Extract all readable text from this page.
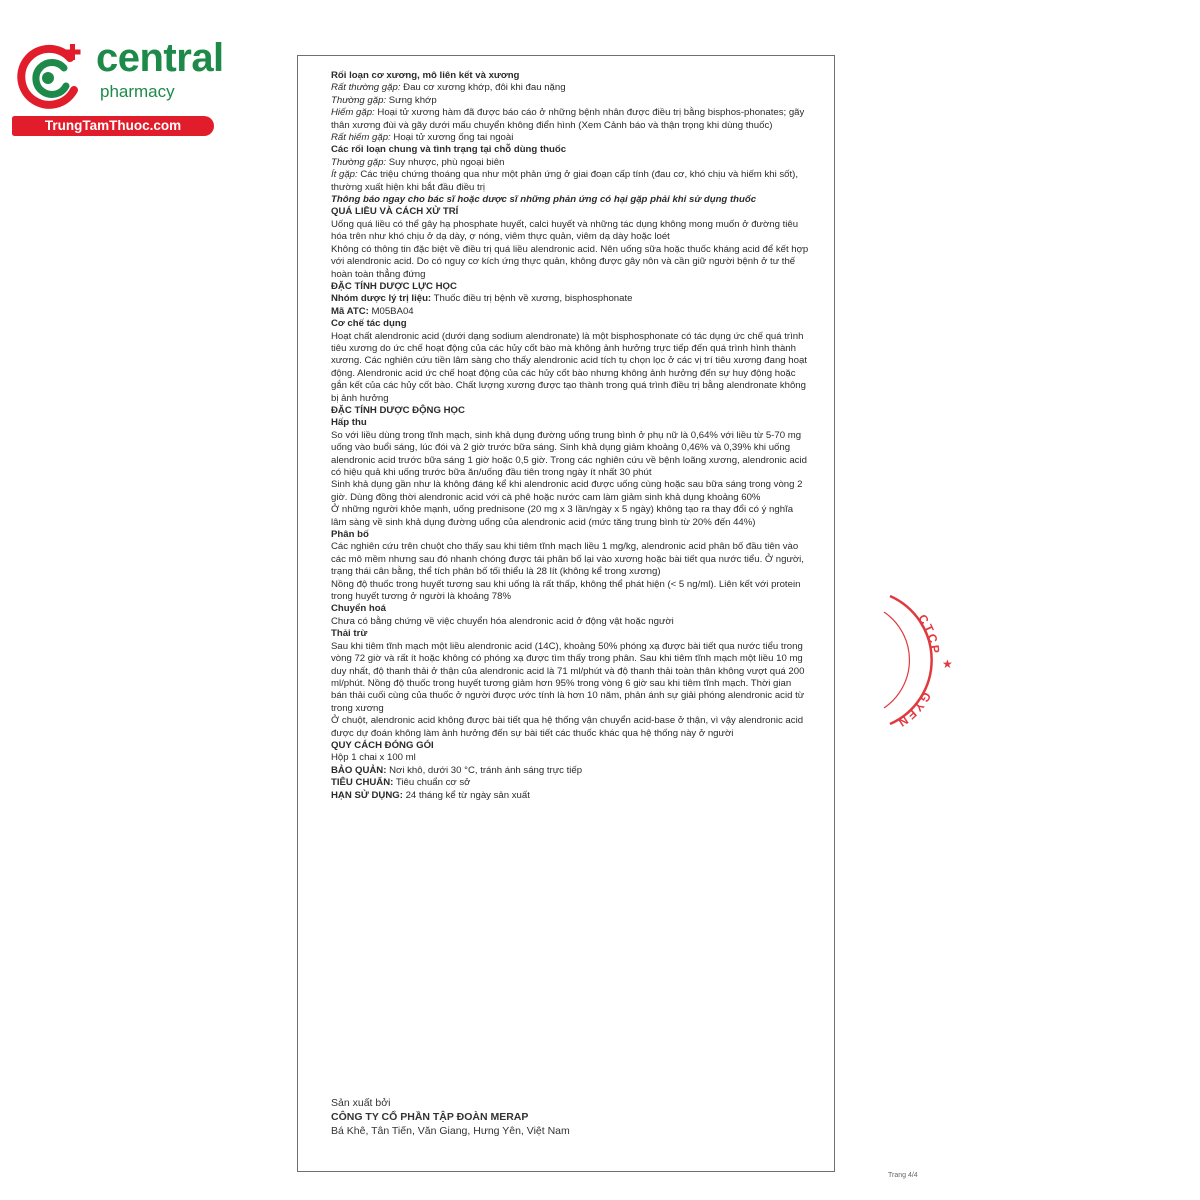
central

pharmacy
TrungTamThuoc.com

Rối loạn cơ xương, mô liên kết và xương

Rất thường gặp: Đau cơ xương khớp, đôi khi đau nặng

Thường gặp: Sưng khớp

Hiếm gặp: Hoại tử xương hàm đã được báo cáo ở những bệnh nhân được điều trị bằng bisphos-phonates; gãy thân xương đùi và gãy dưới mấu chuyển không điển hình (Xem Cảnh báo và thận trọng khi dùng thuốc)

Rất hiếm gặp: Hoại tử xương ống tai ngoài

Các rối loạn chung và tình trạng tại chỗ dùng thuốc

Thường gặp: Suy nhược, phù ngoại biên

Ít gặp: Các triệu chứng thoáng qua như một phản ứng ở giai đoạn cấp tính (đau cơ, khó chịu và hiếm khi sốt), thường xuất hiện khi bắt đầu điều trị

Thông báo ngay cho bác sĩ hoặc dược sĩ những phản ứng có hại gặp phải khi sử dụng thuốc

QUÁ LIỀU VÀ CÁCH XỬ TRÍ

Uống quá liều có thể gây hạ phosphate huyết, calci huyết và những tác dụng không mong muốn ở đường tiêu hóa trên như khó chịu ở dạ dày, ợ nóng, viêm thực quản, viêm dạ dày hoặc loét

Không có thông tin đặc biệt về điều trị quá liều alendronic acid. Nên uống sữa hoặc thuốc kháng acid để kết hợp với alendronic acid. Do có nguy cơ kích ứng thực quản, không được gây nôn và cần giữ người bệnh ở tư thế hoàn toàn thẳng đứng

ĐẶC TÍNH DƯỢC LỰC HỌC

Nhóm dược lý trị liệu: Thuốc điều trị bệnh về xương, bisphosphonate

Mã ATC: M05BA04

Cơ chế tác dụng

Hoạt chất alendronic acid (dưới dạng sodium alendronate) là một bisphosphonate có tác dụng ức chế quá trình tiêu xương do ức chế hoạt động của các hủy cốt bào mà không ảnh hưởng trực tiếp đến quá trình hình thành xương. Các nghiên cứu tiền lâm sàng cho thấy alendronic acid tích tụ chọn lọc ở các vị trí tiêu xương đang hoạt động. Alendronic acid ức chế hoạt động của các hủy cốt bào nhưng không ảnh hưởng đến sự huy động hoặc gắn kết của các hủy cốt bào. Chất lượng xương được tạo thành trong quá trình điều trị bằng alendronate không bị ảnh hưởng

ĐẶC TÍNH DƯỢC ĐỘNG HỌC

Hấp thu

So với liều dùng trong tĩnh mạch, sinh khả dụng đường uống trung bình ở phụ nữ là 0,64% với liều từ 5-70 mg uống vào buổi sáng, lúc đói và 2 giờ trước bữa sáng. Sinh khả dụng giảm khoảng 0,46% và 0,39% khi uống alendronic acid trước bữa sáng 1 giờ hoặc 0,5 giờ. Trong các nghiên cứu về bệnh loãng xương, alendronic acid có hiệu quả khi uống trước bữa ăn/uống đầu tiên trong ngày ít nhất 30 phút

Sinh khả dụng gần như là không đáng kể khi alendronic acid được uống cùng hoặc sau bữa sáng trong vòng 2 giờ. Dùng đồng thời alendronic acid với cà phê hoặc nước cam làm giảm sinh khả dụng khoảng 60%

Ở những người khỏe mạnh, uống prednisone (20 mg x 3 lần/ngày x 5 ngày) không tạo ra thay đổi có ý nghĩa lâm sàng về sinh khả dụng đường uống của alendronic acid (mức tăng trung bình từ 20% đến 44%)

Phân bố

Các nghiên cứu trên chuột cho thấy sau khi tiêm tĩnh mạch liều 1 mg/kg, alendronic acid phân bố đầu tiên vào các mô mềm nhưng sau đó nhanh chóng được tái phân bố lại vào xương hoặc bài tiết qua nước tiểu. Ở người, trạng thái cân bằng, thể tích phân bố tối thiểu là 28 lít (không kể trong xương)

Nồng độ thuốc trong huyết tương sau khi uống là rất thấp, không thể phát hiện (< 5 ng/ml). Liên kết với protein trong huyết tương ở người là khoảng 78%

Chuyển hoá

Chưa có bằng chứng về việc chuyển hóa alendronic acid ở động vật hoặc người

Thải trừ

Sau khi tiêm tĩnh mạch một liều alendronic acid (14C), khoảng 50% phóng xạ được bài tiết qua nước tiểu trong vòng 72 giờ và rất ít hoặc không có phóng xạ được tìm thấy trong phân. Sau khi tiêm tĩnh mạch một liều 10 mg duy nhất, độ thanh thải ở thận của alendronic acid là 71 ml/phút và độ thanh thải toàn thân không vượt quá 200 ml/phút. Nồng độ thuốc trong huyết tương giảm hơn 95% trong vòng 6 giờ sau khi tiêm tĩnh mạch. Thời gian bán thải cuối cùng của thuốc ở người được ước tính là hơn 10 năm, phản ánh sự giải phóng alendronic acid từ trong xương

Ở chuột, alendronic acid không được bài tiết qua hệ thống vận chuyển acid-base ở thận, vì vậy alendronic acid được dự đoán không làm ảnh hưởng đến sự bài tiết các thuốc khác qua hệ thống này ở người

QUY CÁCH ĐÓNG GÓI

Hộp 1 chai x 100 ml

BẢO QUẢN: Nơi khô, dưới 30 °C, tránh ánh sáng trực tiếp

TIÊU CHUẨN: Tiêu chuẩn cơ sở

HẠN SỬ DỤNG: 24 tháng kể từ ngày sản xuất

Sản xuất bởi

CÔNG TY CỔ PHẦN TẬP ĐOÀN MERAP

Bá Khê, Tân Tiến, Văn Giang, Hưng Yên, Việt Nam

Trang 4/4
CTCP
GYEN
★
